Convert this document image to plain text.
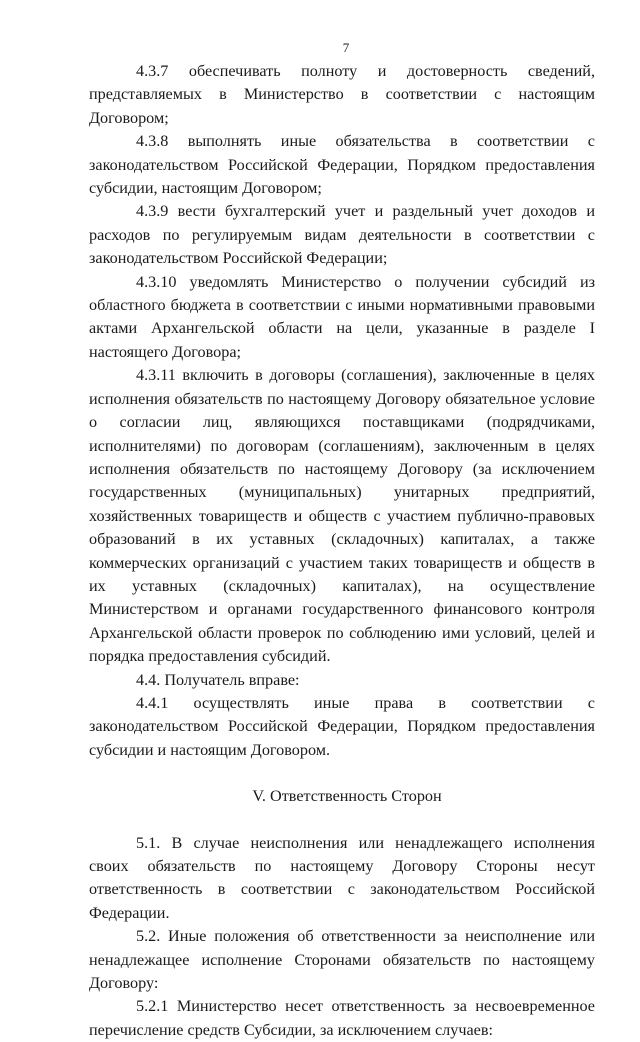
7

4.3.7 обеспечивать полноту и достоверность сведений, представляемых в Министерство в соответствии с настоящим Договором;

4.3.8 выполнять иные обязательства в соответствии с законодательством Российской Федерации, Порядком предоставления субсидии, настоящим Договором;

4.3.9 вести бухгалтерский учет и раздельный учет доходов и расходов по регулируемым видам деятельности в соответствии с законодательством Российской Федерации;

4.3.10 уведомлять Министерство о получении субсидий из областного бюджета в соответствии с иными нормативными правовыми актами Архангельской области на цели, указанные в разделе I настоящего Договора;

4.3.11 включить в договоры (соглашения), заключенные в целях исполнения обязательств по настоящему Договору обязательное условие о согласии лиц, являющихся поставщиками (подрядчиками, исполнителями) по договорам (соглашениям), заключенным в целях исполнения обязательств по настоящему Договору (за исключением государственных (муниципальных) унитарных предприятий, хозяйственных товариществ и обществ с участием публично-правовых образований в их уставных (складочных) капиталах, а также коммерческих организаций с участием таких товариществ и обществ в их уставных (складочных) капиталах), на осуществление Министерством и органами государственного финансового контроля Архангельской области проверок по соблюдению ими условий, целей и порядка предоставления субсидий.

4.4. Получатель вправе:

4.4.1 осуществлять иные права в соответствии с законодательством Российской Федерации, Порядком предоставления субсидии и настоящим Договором.

V. Ответственность Сторон

5.1. В случае неисполнения или ненадлежащего исполнения своих обязательств по настоящему Договору Стороны несут ответственность в соответствии с законодательством Российской Федерации.

5.2. Иные положения об ответственности за неисполнение или ненадлежащее исполнение Сторонами обязательств по настоящему Договору:

5.2.1 Министерство несет ответственность за несвоевременное перечисление средств Субсидии, за исключением случаев:
